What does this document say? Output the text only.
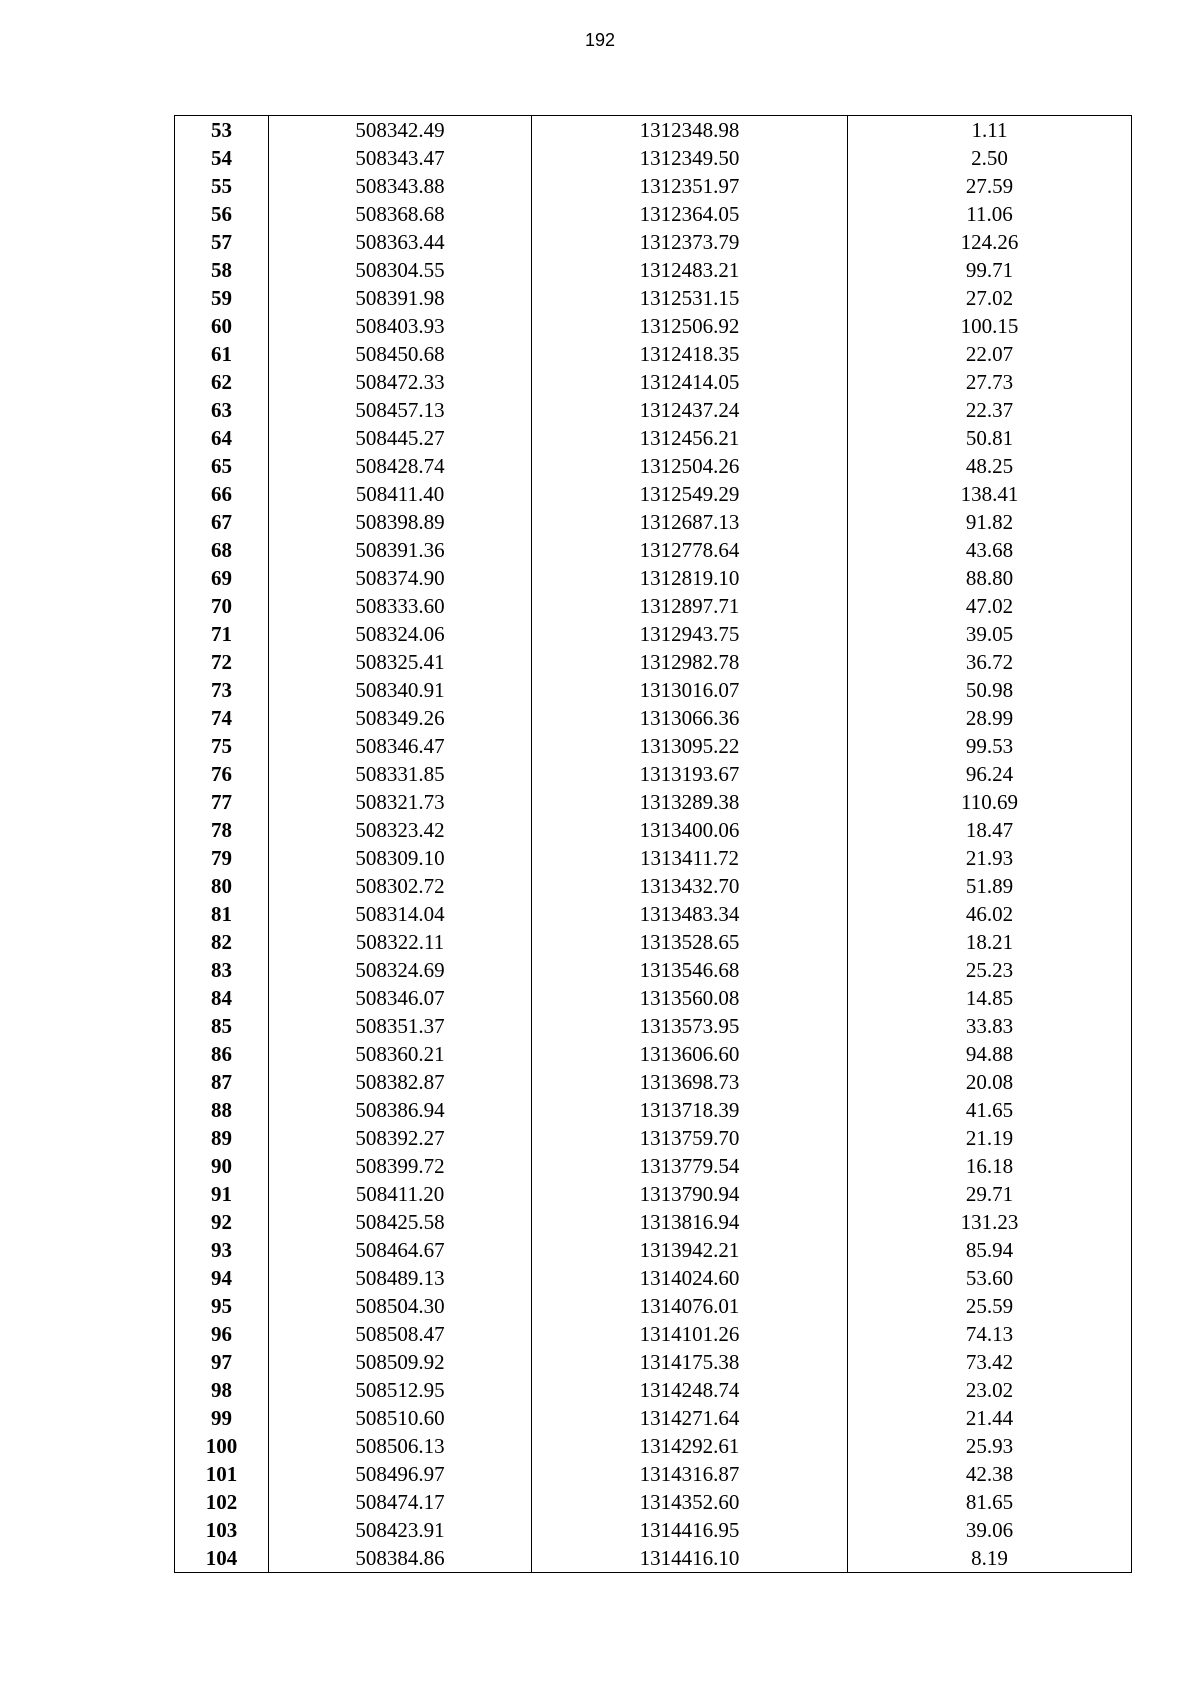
192
53	508342.49	1312348.98	1.11
54	508343.47	1312349.50	2.50
55	508343.88	1312351.97	27.59
56	508368.68	1312364.05	11.06
57	508363.44	1312373.79	124.26
58	508304.55	1312483.21	99.71
59	508391.98	1312531.15	27.02
60	508403.93	1312506.92	100.15
61	508450.68	1312418.35	22.07
62	508472.33	1312414.05	27.73
63	508457.13	1312437.24	22.37
64	508445.27	1312456.21	50.81
65	508428.74	1312504.26	48.25
66	508411.40	1312549.29	138.41
67	508398.89	1312687.13	91.82
68	508391.36	1312778.64	43.68
69	508374.90	1312819.10	88.80
70	508333.60	1312897.71	47.02
71	508324.06	1312943.75	39.05
72	508325.41	1312982.78	36.72
73	508340.91	1313016.07	50.98
74	508349.26	1313066.36	28.99
75	508346.47	1313095.22	99.53
76	508331.85	1313193.67	96.24
77	508321.73	1313289.38	110.69
78	508323.42	1313400.06	18.47
79	508309.10	1313411.72	21.93
80	508302.72	1313432.70	51.89
81	508314.04	1313483.34	46.02
82	508322.11	1313528.65	18.21
83	508324.69	1313546.68	25.23
84	508346.07	1313560.08	14.85
85	508351.37	1313573.95	33.83
86	508360.21	1313606.60	94.88
87	508382.87	1313698.73	20.08
88	508386.94	1313718.39	41.65
89	508392.27	1313759.70	21.19
90	508399.72	1313779.54	16.18
91	508411.20	1313790.94	29.71
92	508425.58	1313816.94	131.23
93	508464.67	1313942.21	85.94
94	508489.13	1314024.60	53.60
95	508504.30	1314076.01	25.59
96	508508.47	1314101.26	74.13
97	508509.92	1314175.38	73.42
98	508512.95	1314248.74	23.02
99	508510.60	1314271.64	21.44
100	508506.13	1314292.61	25.93
101	508496.97	1314316.87	42.38
102	508474.17	1314352.60	81.65
103	508423.91	1314416.95	39.06
104	508384.86	1314416.10	8.19
